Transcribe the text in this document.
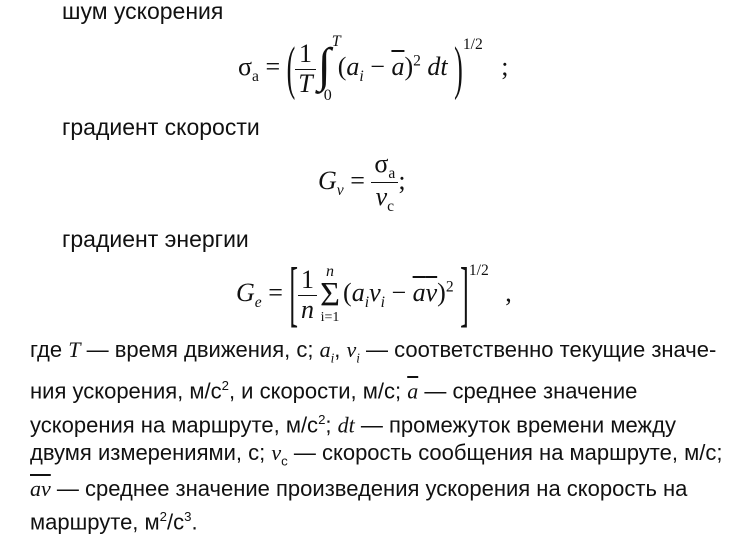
шум ускорения
$\sigma_a$ = ( $\frac{1}{T}$ ∫ T
0
$(a_i - \overline{a})^2$ dt )$^{1/2}$ ;
градиент скорости
$G_v = \frac{\sigma_a}{v_c}$ ;
градиент энергии
$G_e$ = [ $\frac{1}{n}$ n
Σ
i=1
$(a_iv_i - \overline{a}\overline{v})^2$ ]$^{1/2}$ ,
где T — время движения, с; $a_i$, $v_i$ — соответственно текущие значе-
ния ускорения, $м/с^2$, и скорости, м/с; $\overline{a}$ — среднее значение
ускорения на маршруте, $м/с^2$; dt — промежуток времени между
двумя измерениями, с; $v_c$ — скорость сообщения на маршруте, м/с;
$\overline{av}$ — среднее значение произведения ускорения на скорость на
маршруте, $м^2/с^3$.
